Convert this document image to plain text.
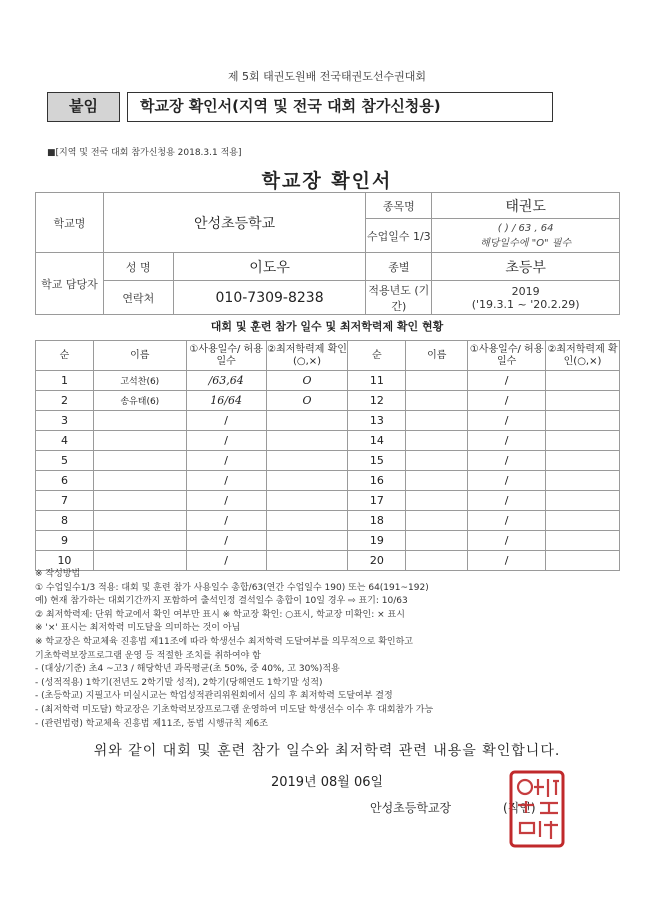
제 5회 태권도원배 전국태권도선수권대회
붙임	학교장 확인서(지역 및 전국 대회 참가신청용)
■[지역 및 전국 대회 참가신청용 2018.3.1 적용]
학교장 확인서
학교명	안성초등학교		종목명	태권도
			수업일수 1/3	( ) / 63 , 64
해당일수에 "O" 필수

학교 담당자	성 명	이도우	종별	초등부
	연락처	010-7309-8238	적용년도 (기간)	2019
('19.3.1 ~ '20.2.29)
대회 및 훈련 참가 일수 및 최저학력제 확인 현황
순	이름	①사용일수/ 허용일수	②최저학력제 확인(○,×)	순	이름	①사용일수/ 허용일수	②최저학력제 확인(○,×)
1	고석찬(6)	/63,64	O	11		/	
2	송유태(6)	16/64	O	12		/	
3		/		13		/	
4		/		14		/	
5		/		15		/	
6		/		16		/	
7		/		17		/	
8		/		18		/	
9		/		19		/	
10		/		20		/	
※ 작성방법
① 수업일수1/3 적용: 대회 및 훈련 참가 사용일수 총합/63(연간 수업일수 190) 또는 64(191~192)
예) 현재 참가하는 대회기간까지 포함하여 출석인정 결석일수 총합이 10일 경우 ⇨ 표기: 10/63
② 최저학력제: 단위 학교에서 확인 여부만 표시 ※ 학교장 확인: ○표시, 학교장 미확인: × 표시
※ '×' 표시는 최저학력 미도달을 의미하는 것이 아님
※ 학교장은 학교체육 진흥법 제11조에 따라 학생선수 최저학력 도달여부를 의무적으로 확인하고
기초학력보장프로그램 운영 등 적절한 조치를 취하여야 함
- (대상/기준) 초4 ~고3 / 해당학년 과목평균(초 50%, 중 40%, 고 30%)적용
- (성적적용) 1학기(전년도 2학기말 성적), 2학기(당해연도 1학기말 성적)
- (초등학교) 지필고사 미실시교는 학업성적관리위원회에서 심의 후 최저학력 도달여부 결정
- (최저학력 미도달) 학교장은 기초학력보장프로그램 운영하여 미도달 학생선수 이수 후 대회참가 가능
- (관련법령) 학교체육 진흥법 제11조, 동법 시행규칙 제6조
위와 같이 대회 및 훈련 참가 일수와 최저학력 관련 내용을 확인합니다.
2019년 08월 06일
안성초등학교장	(직인)
